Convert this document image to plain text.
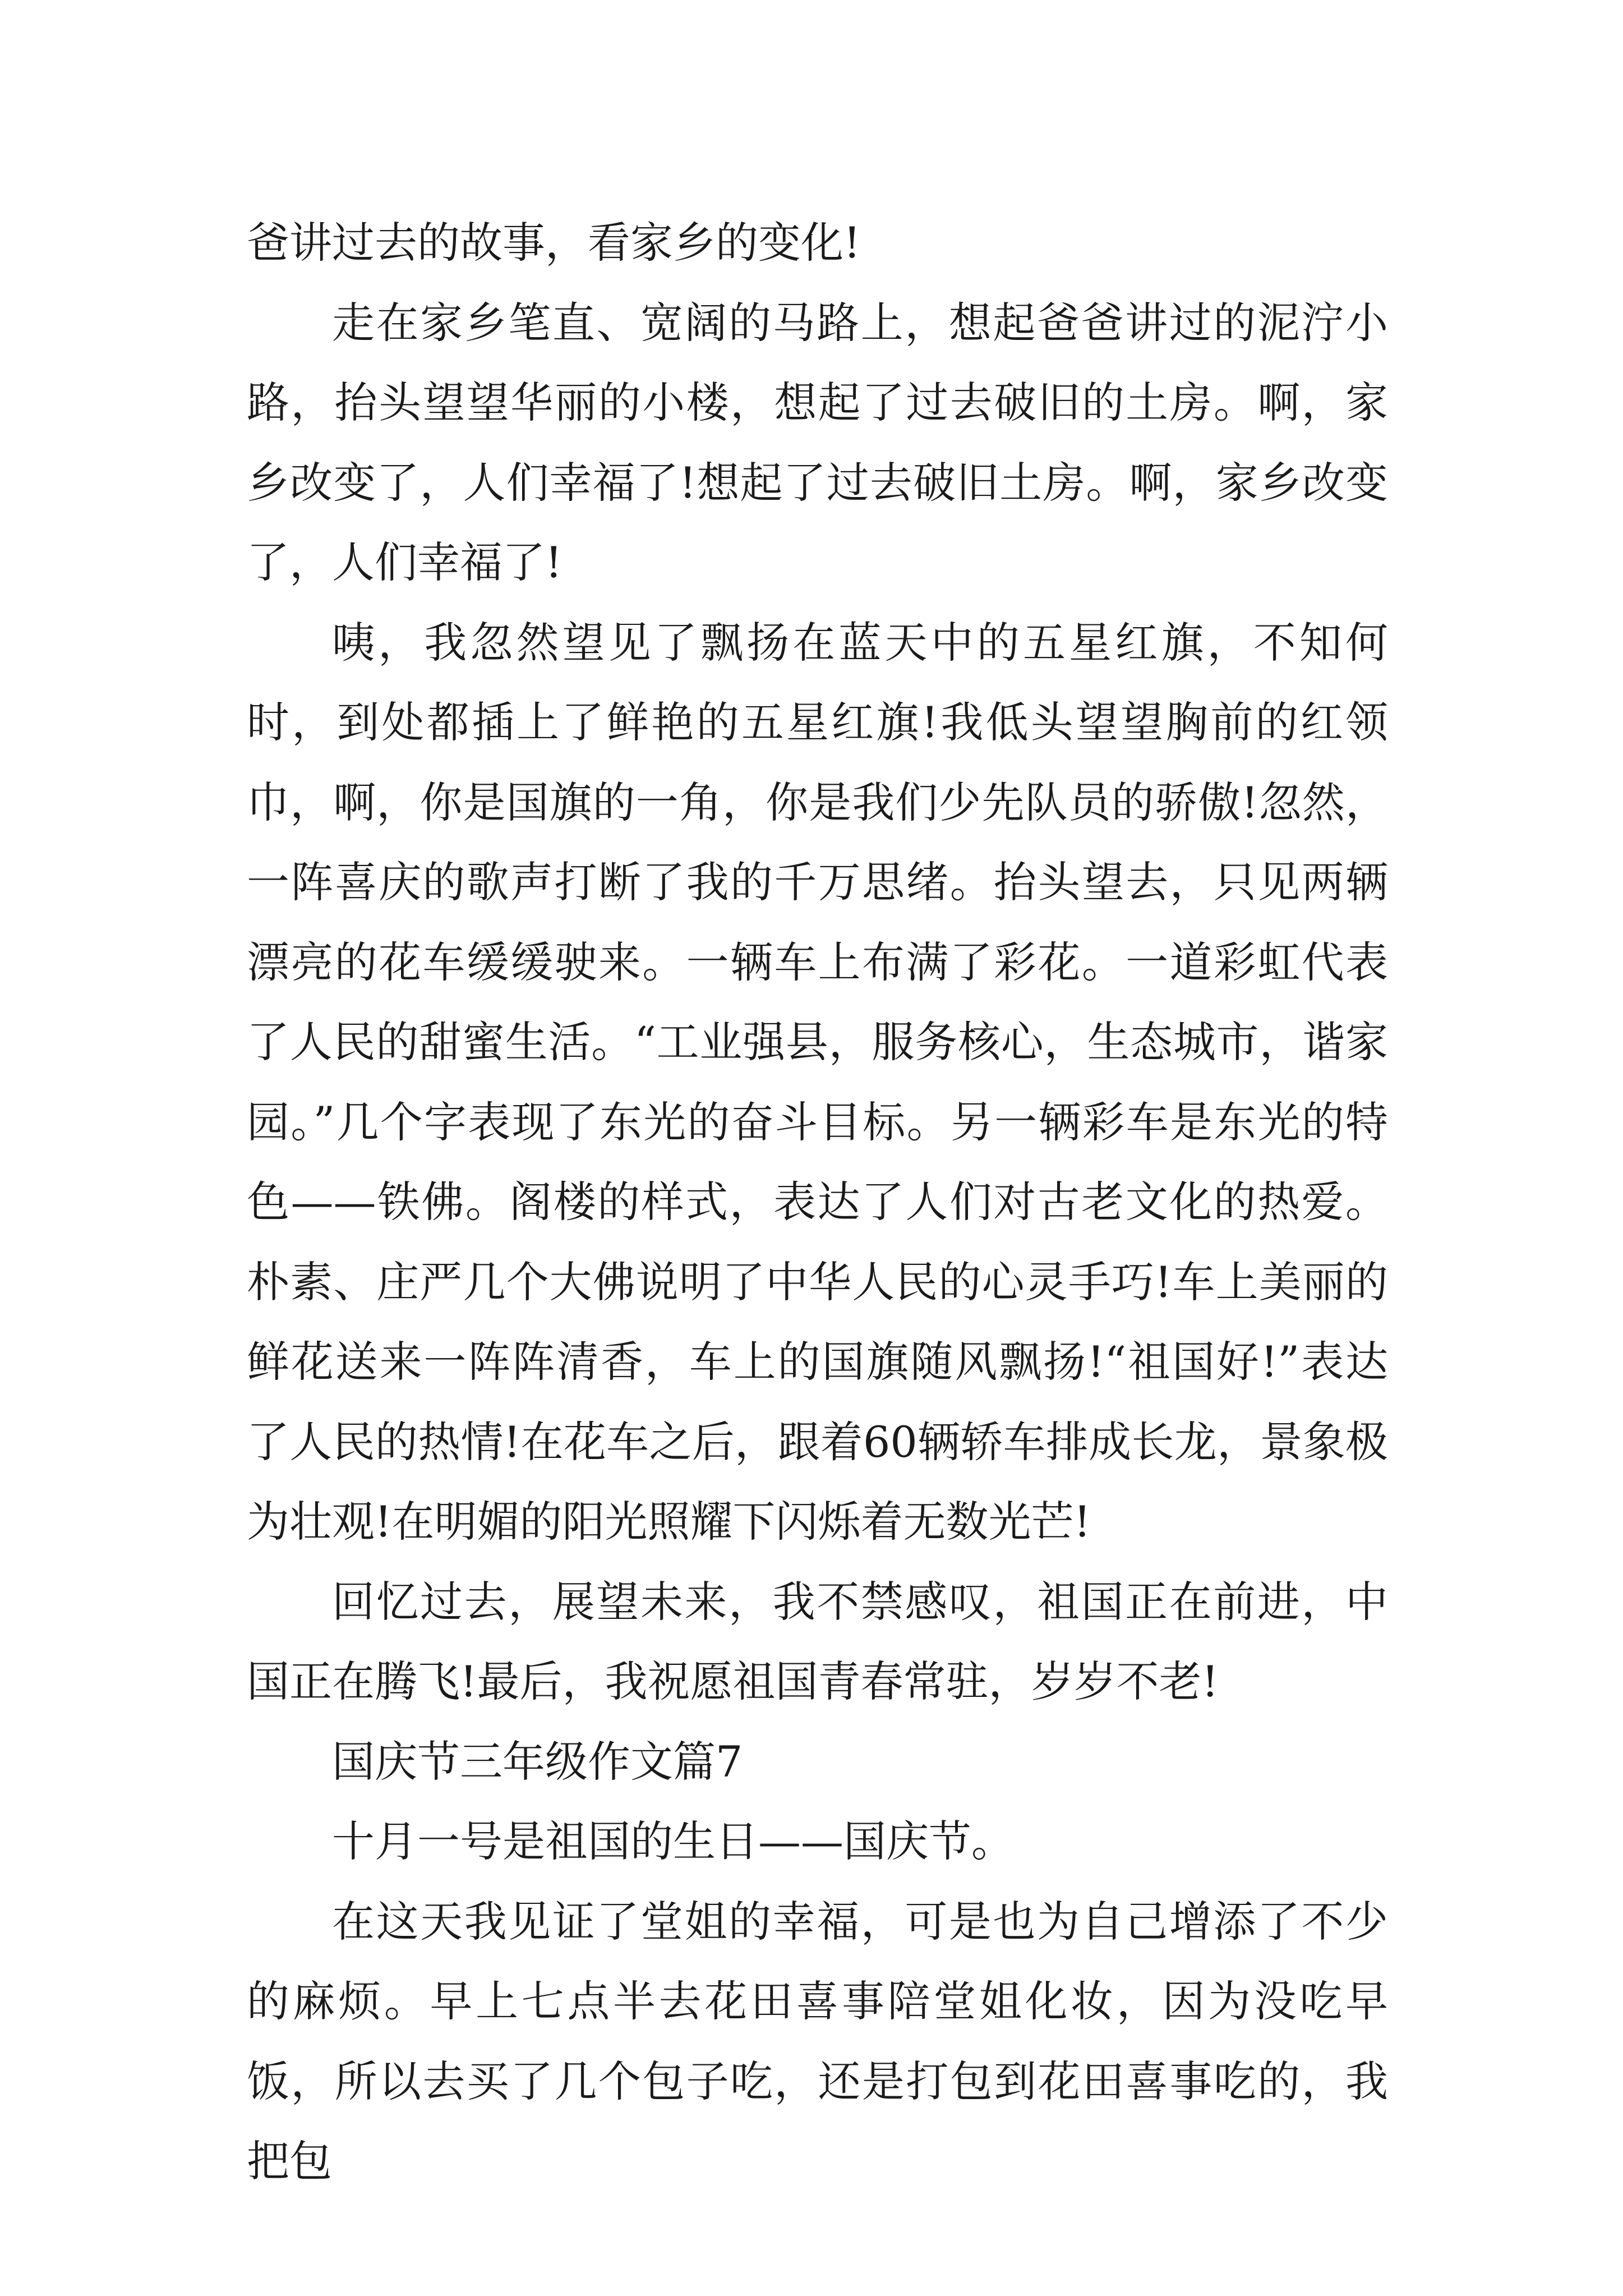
爸讲过去的故事，看家乡的变化!

走在家乡笔直、宽阔的马路上，想起爸爸讲过的泥泞小路，抬头望望华丽的小楼，想起了过去破旧的土房。啊，家乡改变了，人们幸福了!想起了过去破旧土房。啊，家乡改变了，人们幸福了!

咦，我忽然望见了飘扬在蓝天中的五星红旗，不知何时，到处都插上了鲜艳的五星红旗!我低头望望胸前的红领巾，啊，你是国旗的一角，你是我们少先队员的骄傲!忽然，一阵喜庆的歌声打断了我的千万思绪。抬头望去，只见两辆漂亮的花车缓缓驶来。一辆车上布满了彩花。一道彩虹代表了人民的甜蜜生活。“工业强县，服务核心，生态城市，谐家园。”几个字表现了东光的奋斗目标。另一辆彩车是东光的特色——铁佛。阁楼的样式，表达了人们对古老文化的热爱。朴素、庄严几个大佛说明了中华人民的心灵手巧!车上美丽的鲜花送来一阵阵清香，车上的国旗随风飘扬!“祖国好!”表达了人民的热情!在花车之后，跟着60辆轿车排成长龙，景象极为壮观!在明媚的阳光照耀下闪烁着无数光芒!

回忆过去，展望未来，我不禁感叹，祖国正在前进，中国正在腾飞!最后，我祝愿祖国青春常驻，岁岁不老!

国庆节三年级作文篇7

十月一号是祖国的生日——国庆节。

在这天我见证了堂姐的幸福，可是也为自己增添了不少的麻烦。早上七点半去花田喜事陪堂姐化妆，因为没吃早饭，所以去买了几个包子吃，还是打包到花田喜事吃的，我把包
